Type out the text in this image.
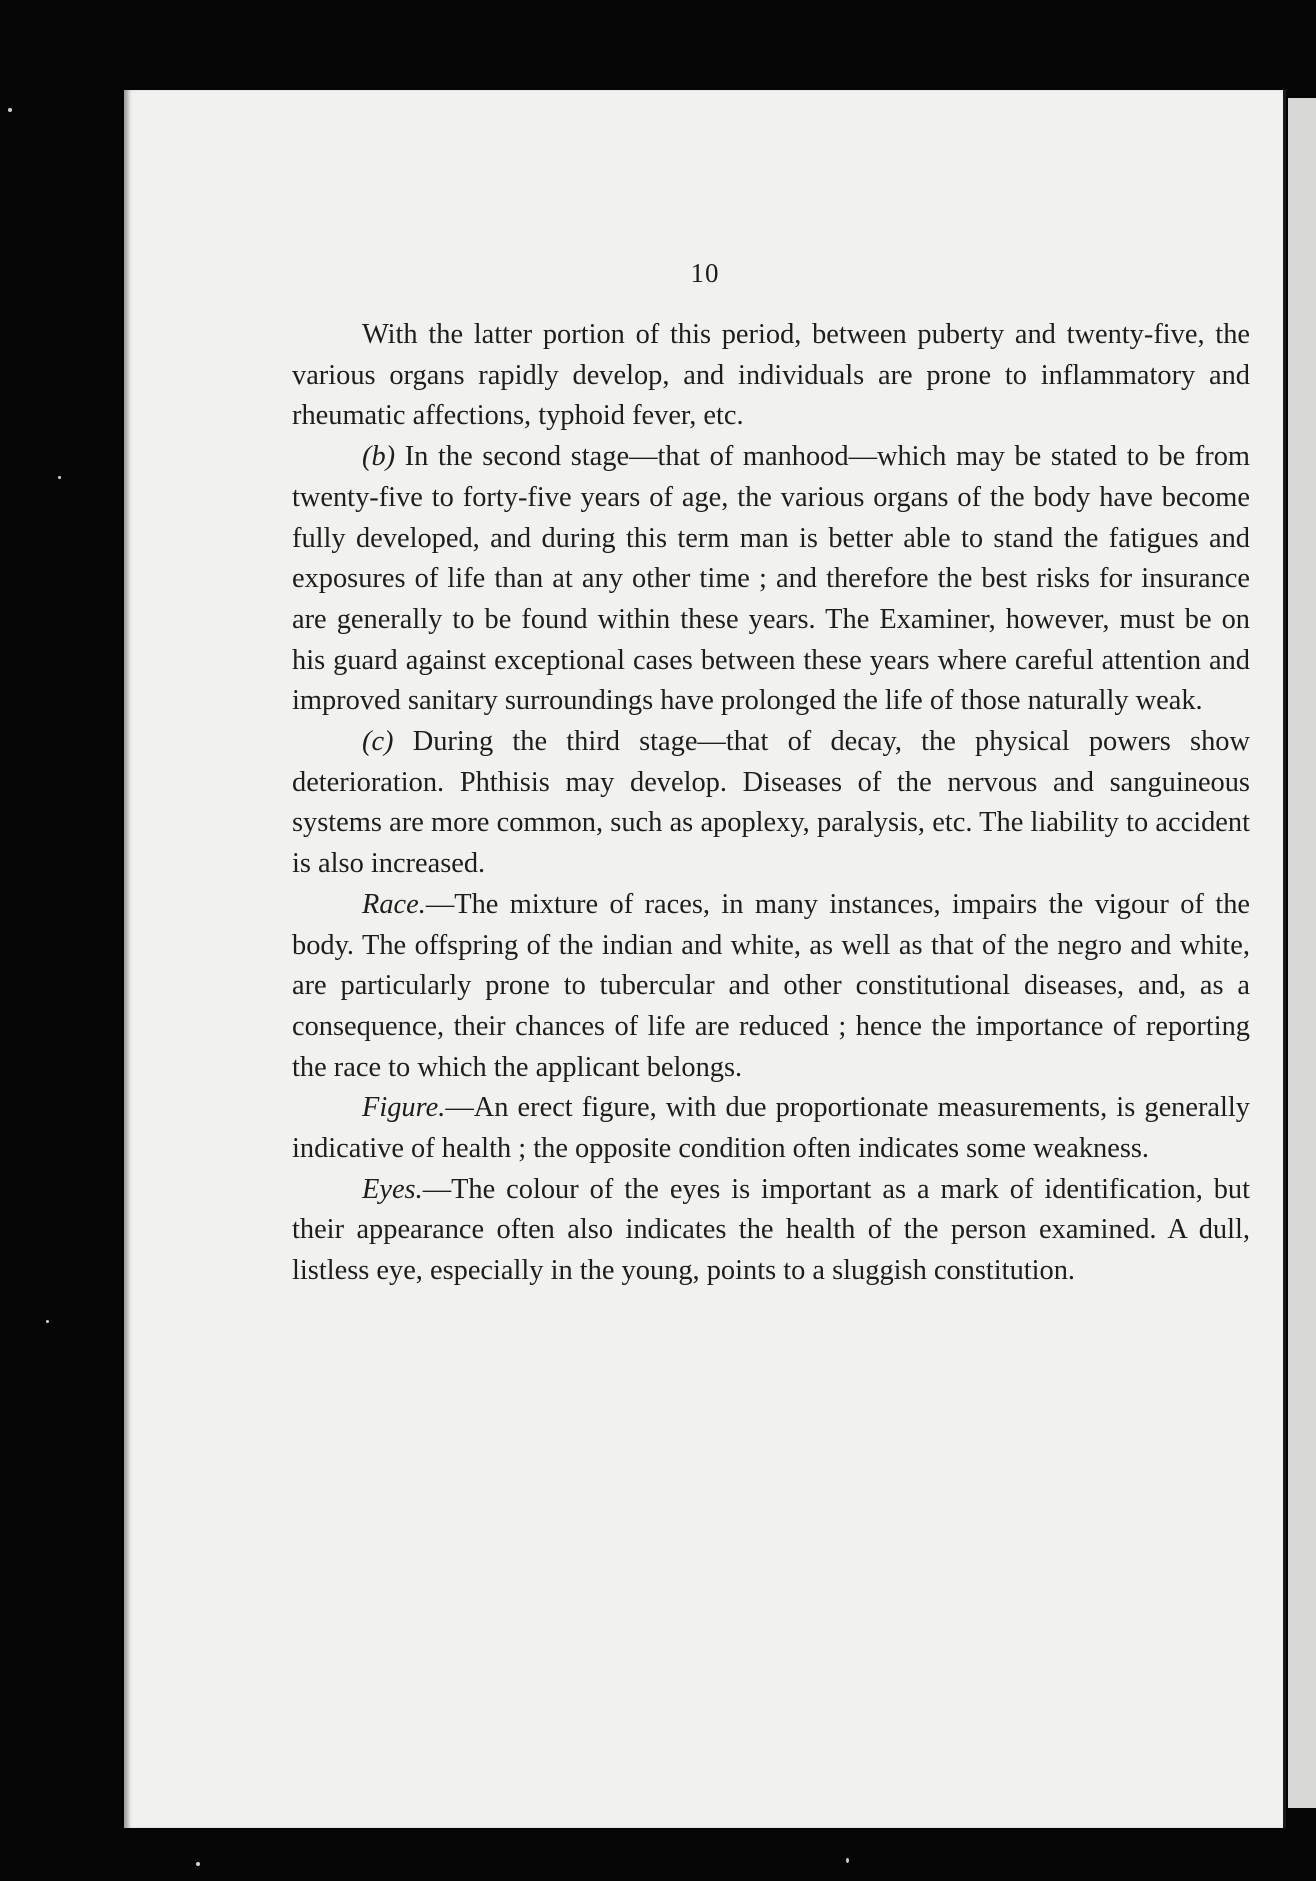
10

With the latter portion of this period, between puberty and twenty-five, the various organs rapidly develop, and individuals are prone to inflammatory and rheumatic affections, typhoid fever, etc.

(b) In the second stage—that of manhood—which may be stated to be from twenty-five to forty-five years of age, the various organs of the body have become fully developed, and during this term man is better able to stand the fatigues and exposures of life than at any other time ; and therefore the best risks for insurance are generally to be found within these years. The Examiner, however, must be on his guard against exceptional cases between these years where careful attention and improved sanitary surroundings have prolonged the life of those naturally weak.

(c) During the third stage—that of decay, the physical powers show deterioration. Phthisis may develop. Diseases of the nervous and sanguineous systems are more common, such as apoplexy, paralysis, etc. The liability to accident is also increased.

Race.—The mixture of races, in many instances, impairs the vigour of the body. The offspring of the indian and white, as well as that of the negro and white, are particularly prone to tubercular and other constitutional diseases, and, as a consequence, their chances of life are reduced ; hence the importance of reporting the race to which the applicant belongs.

Figure.—An erect figure, with due proportionate measurements, is generally indicative of health ; the opposite condition often indicates some weakness.

Eyes.—The colour of the eyes is important as a mark of identification, but their appearance often also indicates the health of the person examined. A dull, listless eye, especially in the young, points to a sluggish constitution.
